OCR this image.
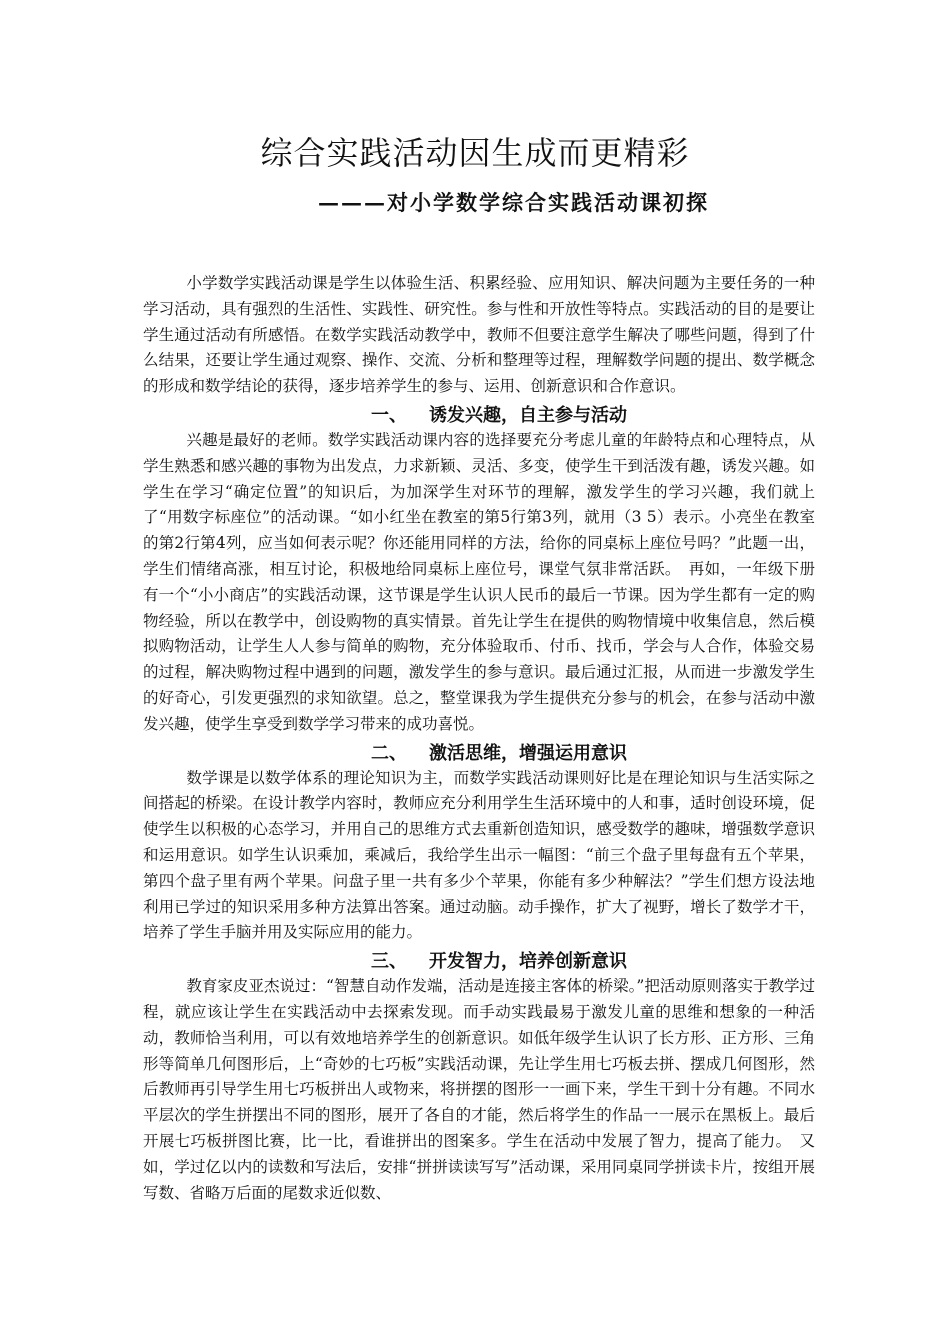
综合实践活动因生成而更精彩
———对小学数学综合实践活动课初探

小学数学实践活动课是学生以体验生活、积累经验、应用知识、解决问题为主要任务的一种学习活动，具有强烈的生活性、实践性、研究性。参与性和开放性等特点。实践活动的目的是要让学生通过活动有所感悟。在数学实践活动教学中，教师不但要注意学生解决了哪些问题，得到了什么结果，还要让学生通过观察、操作、交流、分析和整理等过程，理解数学问题的提出、数学概念的形成和数学结论的获得，逐步培养学生的参与、运用、创新意识和合作意识。

一、 诱发兴趣，自主参与活动

兴趣是最好的老师。数学实践活动课内容的选择要充分考虑儿童的年龄特点和心理特点，从学生熟悉和感兴趣的事物为出发点，力求新颖、灵活、多变，使学生干到活泼有趣，诱发兴趣。如学生在学习“确定位置”的知识后，为加深学生对环节的理解，激发学生的学习兴趣，我们就上了“用数字标座位”的活动课。“如小红坐在教室的第5行第3列，就用（3 5）表示。小亮坐在教室的第2行第4列，应当如何表示呢？你还能用同样的方法，给你的同桌标上座位号吗？”此题一出，学生们情绪高涨，相互讨论，积极地给同桌标上座位号，课堂气氛非常活跃。　再如，一年级下册有一个“小小商店”的实践活动课，这节课是学生认识人民币的最后一节课。因为学生都有一定的购物经验，所以在教学中，创设购物的真实情景。首先让学生在提供的购物情境中收集信息，然后模拟购物活动，让学生人人参与简单的购物，充分体验取币、付币、找币，学会与人合作，体验交易的过程，解决购物过程中遇到的问题，激发学生的参与意识。最后通过汇报，从而进一步激发学生的好奇心，引发更强烈的求知欲望。总之，整堂课我为学生提供充分参与的机会，在参与活动中激发兴趣，使学生享受到数学学习带来的成功喜悦。

二、 激活思维，增强运用意识

数学课是以数学体系的理论知识为主，而数学实践活动课则好比是在理论知识与生活实际之间搭起的桥梁。在设计教学内容时，教师应充分利用学生生活环境中的人和事，适时创设环境，促使学生以积极的心态学习，并用自己的思维方式去重新创造知识，感受数学的趣味，增强数学意识和运用意识。如学生认识乘加，乘减后，我给学生出示一幅图：“前三个盘子里每盘有五个苹果，第四个盘子里有两个苹果。问盘子里一共有多少个苹果，你能有多少种解法？”学生们想方设法地利用已学过的知识采用多种方法算出答案。通过动脑。动手操作，扩大了视野，增长了数学才干，培养了学生手脑并用及实际应用的能力。

三、 开发智力，培养创新意识

教育家皮亚杰说过：“智慧自动作发端，活动是连接主客体的桥梁。”把活动原则落实于教学过程，就应该让学生在实践活动中去探索发现。而手动实践最易于激发儿童的思维和想象的一种活动，教师恰当利用，可以有效地培养学生的创新意识。如低年级学生认识了长方形、正方形、三角形等简单几何图形后，上“奇妙的七巧板”实践活动课，先让学生用七巧板去拼、摆成几何图形，然后教师再引导学生用七巧板拼出人或物来，将拼摆的图形一一画下来，学生干到十分有趣。不同水平层次的学生拼摆出不同的图形，展开了各自的才能，然后将学生的作品一一展示在黑板上。最后开展七巧板拼图比赛，比一比，看谁拼出的图案多。学生在活动中发展了智力，提高了能力。　又如，学过亿以内的读数和写法后，安排“拼拼读读写写”活动课，采用同桌同学拼读卡片，按组开展写数、省略万后面的尾数求近似数、
